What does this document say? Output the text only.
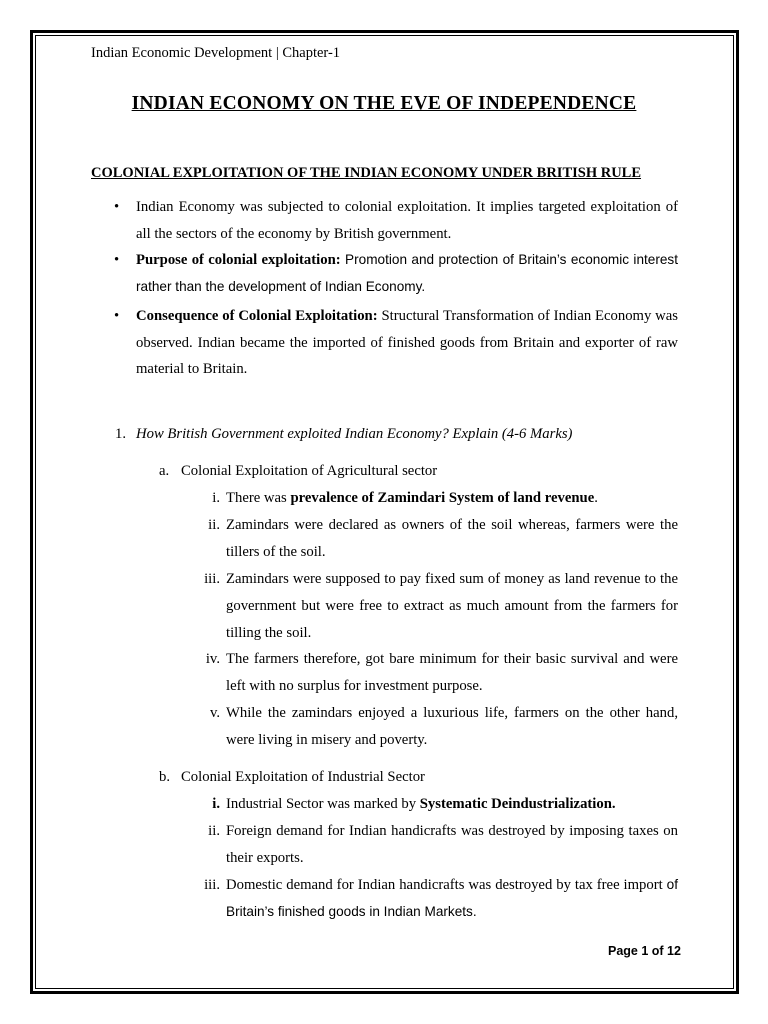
Indian Economic Development | Chapter-1
INDIAN ECONOMY ON THE EVE OF INDEPENDENCE
COLONIAL EXPLOITATION OF THE INDIAN ECONOMY UNDER BRITISH RULE
• Indian Economy was subjected to colonial exploitation. It implies targeted exploitation of all the sectors of the economy by British government.
• Purpose of colonial exploitation: Promotion and protection of Britain’s economic interest rather than the development of Indian Economy.
• Consequence of Colonial Exploitation: Structural Transformation of Indian Economy was observed. Indian became the imported of finished goods from Britain and exporter of raw material to Britain.
1. How British Government exploited Indian Economy? Explain (4-6 Marks)
a. Colonial Exploitation of Agricultural sector
i. There was prevalence of Zamindari System of land revenue.
ii. Zamindars were declared as owners of the soil whereas, farmers were the tillers of the soil.
iii. Zamindars were supposed to pay fixed sum of money as land revenue to the government but were free to extract as much amount from the farmers for tilling the soil.
iv. The farmers therefore, got bare minimum for their basic survival and were left with no surplus for investment purpose.
v. While the zamindars enjoyed a luxurious life, farmers on the other hand, were living in misery and poverty.
b. Colonial Exploitation of Industrial Sector
i. Industrial Sector was marked by Systematic Deindustrialization.
ii. Foreign demand for Indian handicrafts was destroyed by imposing taxes on their exports.
iii. Domestic demand for Indian handicrafts was destroyed by tax free import of Britain’s finished goods in Indian Markets.
Page 1 of 12
